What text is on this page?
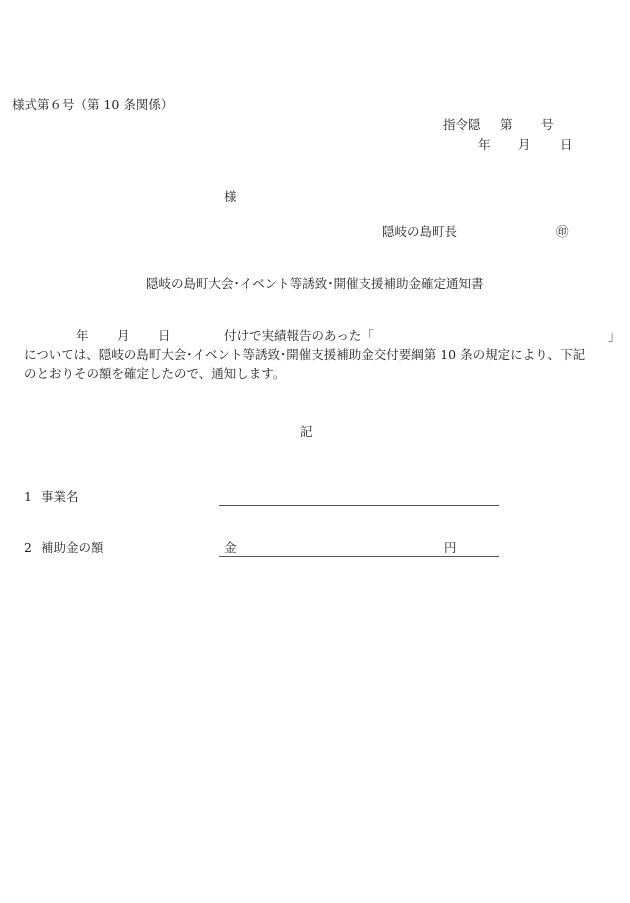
様式第６号（第 10 条関係）
指令隠 第 号
年 月 日
様
隠岐の島町長	㊞
隠岐の島町大会･イベント等誘致･開催支援補助金確定通知書
年 月 日	付けで実績報告のあった「	」
については、隠岐の島町大会･イベント等誘致･開催支援補助金交付要綱第 10 条の規定により、下記
のとおりその額を確定したので、通知します。
記
1 事業名
2 補助金の額	金	円
